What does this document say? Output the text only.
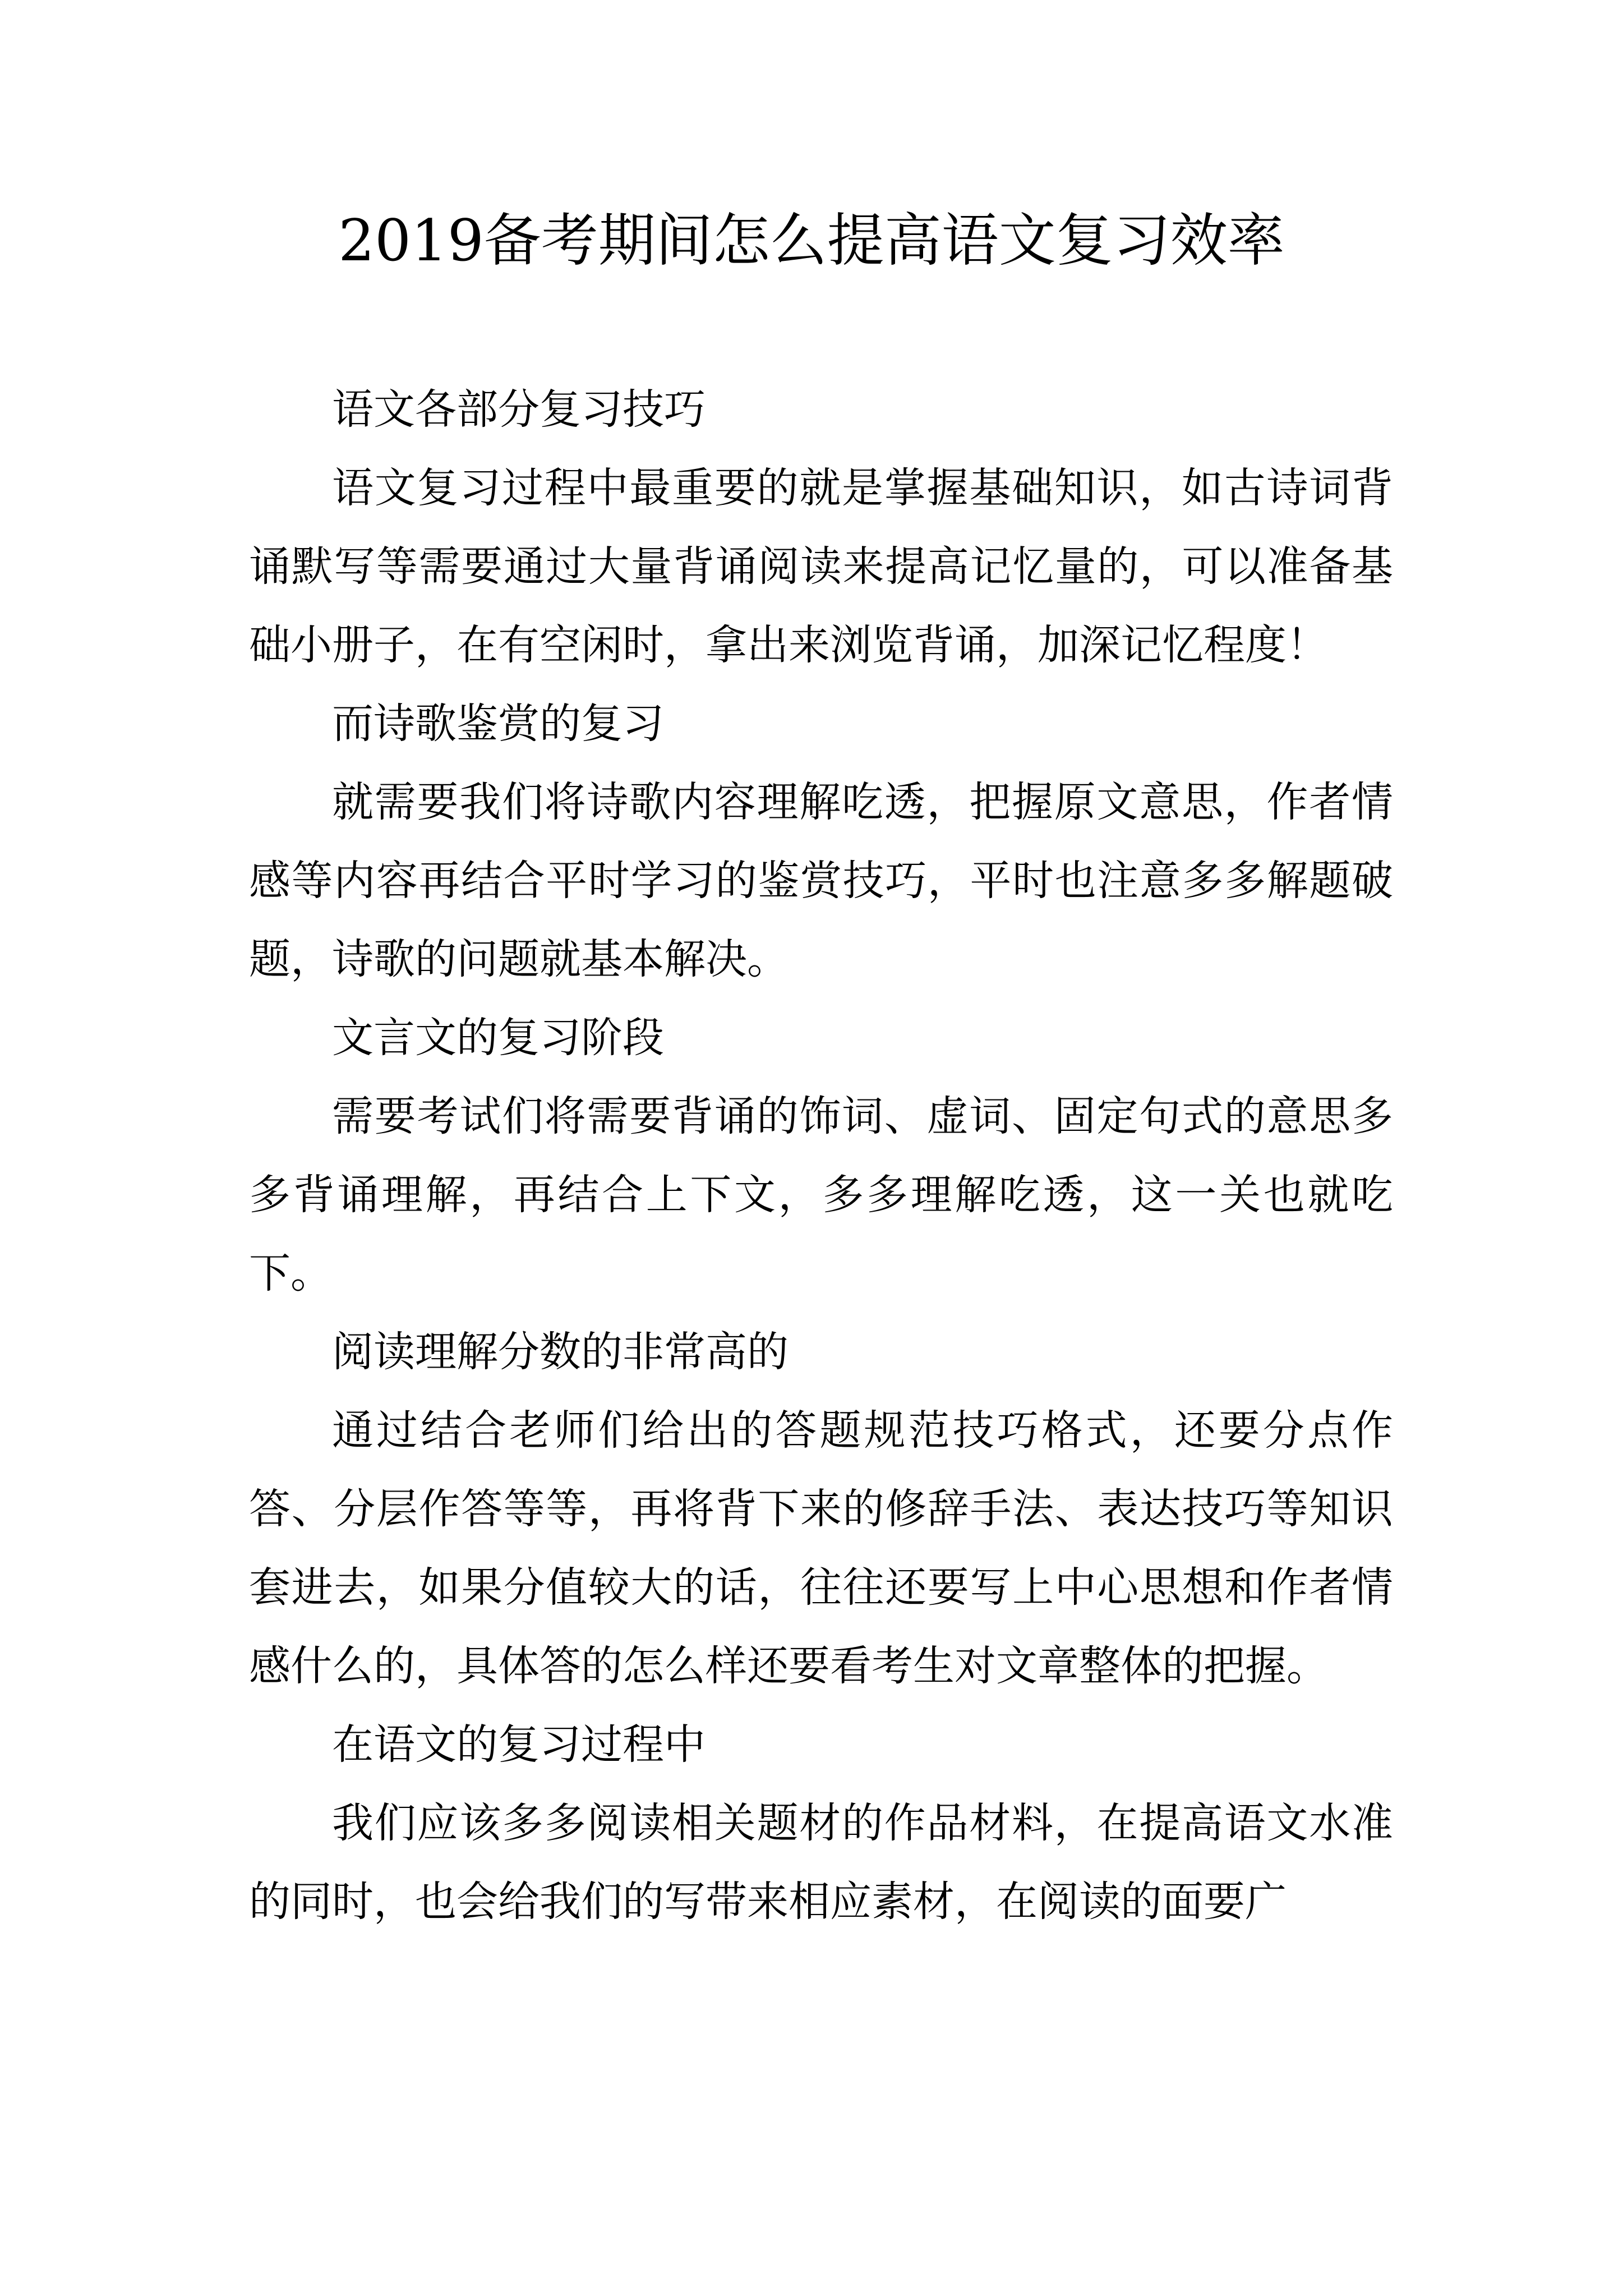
2019备考期间怎么提高语文复习效率

语文各部分复习技巧

语文复习过程中最重要的就是掌握基础知识，如古诗词背诵默写等需要通过大量背诵阅读来提高记忆量的，可以准备基础小册子，在有空闲时，拿出来浏览背诵，加深记忆程度！

而诗歌鉴赏的复习

就需要我们将诗歌内容理解吃透，把握原文意思，作者情感等内容再结合平时学习的鉴赏技巧，平时也注意多多解题破题，诗歌的问题就基本解决。

文言文的复习阶段

需要考试们将需要背诵的饰词、虚词、固定句式的意思多多背诵理解，再结合上下文，多多理解吃透，这一关也就吃下。

阅读理解分数的非常高的

通过结合老师们给出的答题规范技巧格式，还要分点作答、分层作答等等，再将背下来的修辞手法、表达技巧等知识套进去，如果分值较大的话，往往还要写上中心思想和作者情感什么的，具体答的怎么样还要看考生对文章整体的把握。

在语文的复习过程中

我们应该多多阅读相关题材的作品材料，在提高语文水准的同时，也会给我们的写带来相应素材，在阅读的面要广
